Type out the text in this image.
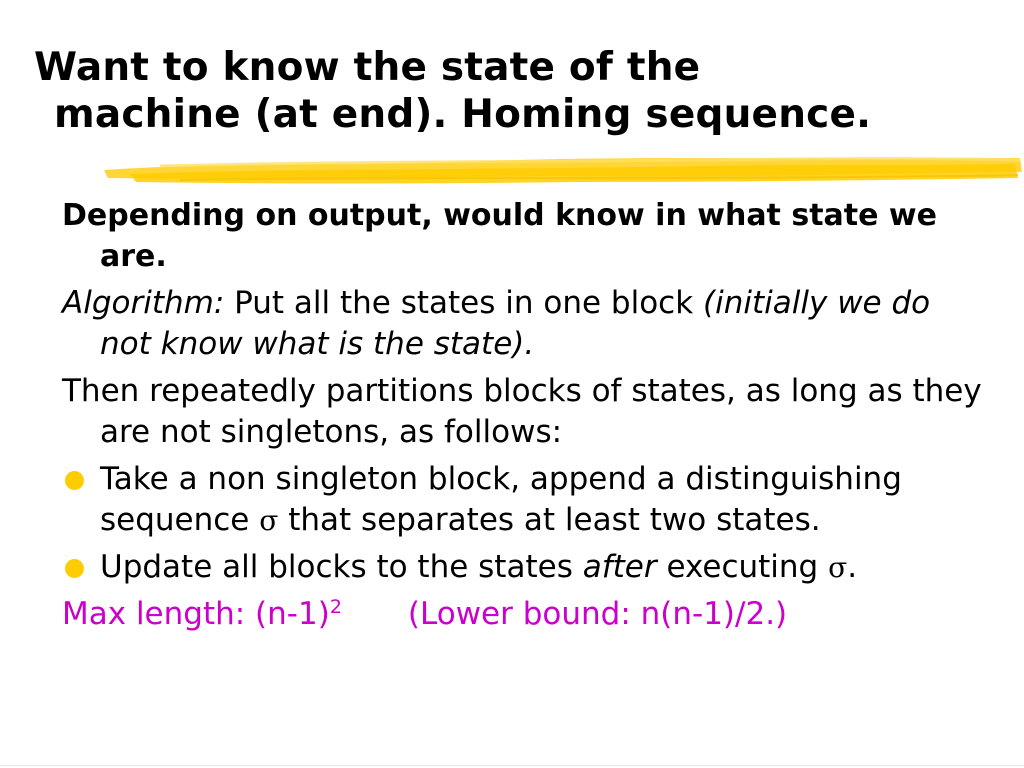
Want to know the state of the
machine (at end). Homing sequence.
Depending on output, would know in what state we are.
Algorithm: Put all the states in one block (initially we do not know what is the state).
Then repeatedly partitions blocks of states, as long as they are not singletons, as follows:
Take a non singleton block, append a distinguishing sequence σ that separates at least two states.
Update all blocks to the states after executing σ.
Max length: $(n-1)^2$ (Lower bound: n(n-1)/2.)
